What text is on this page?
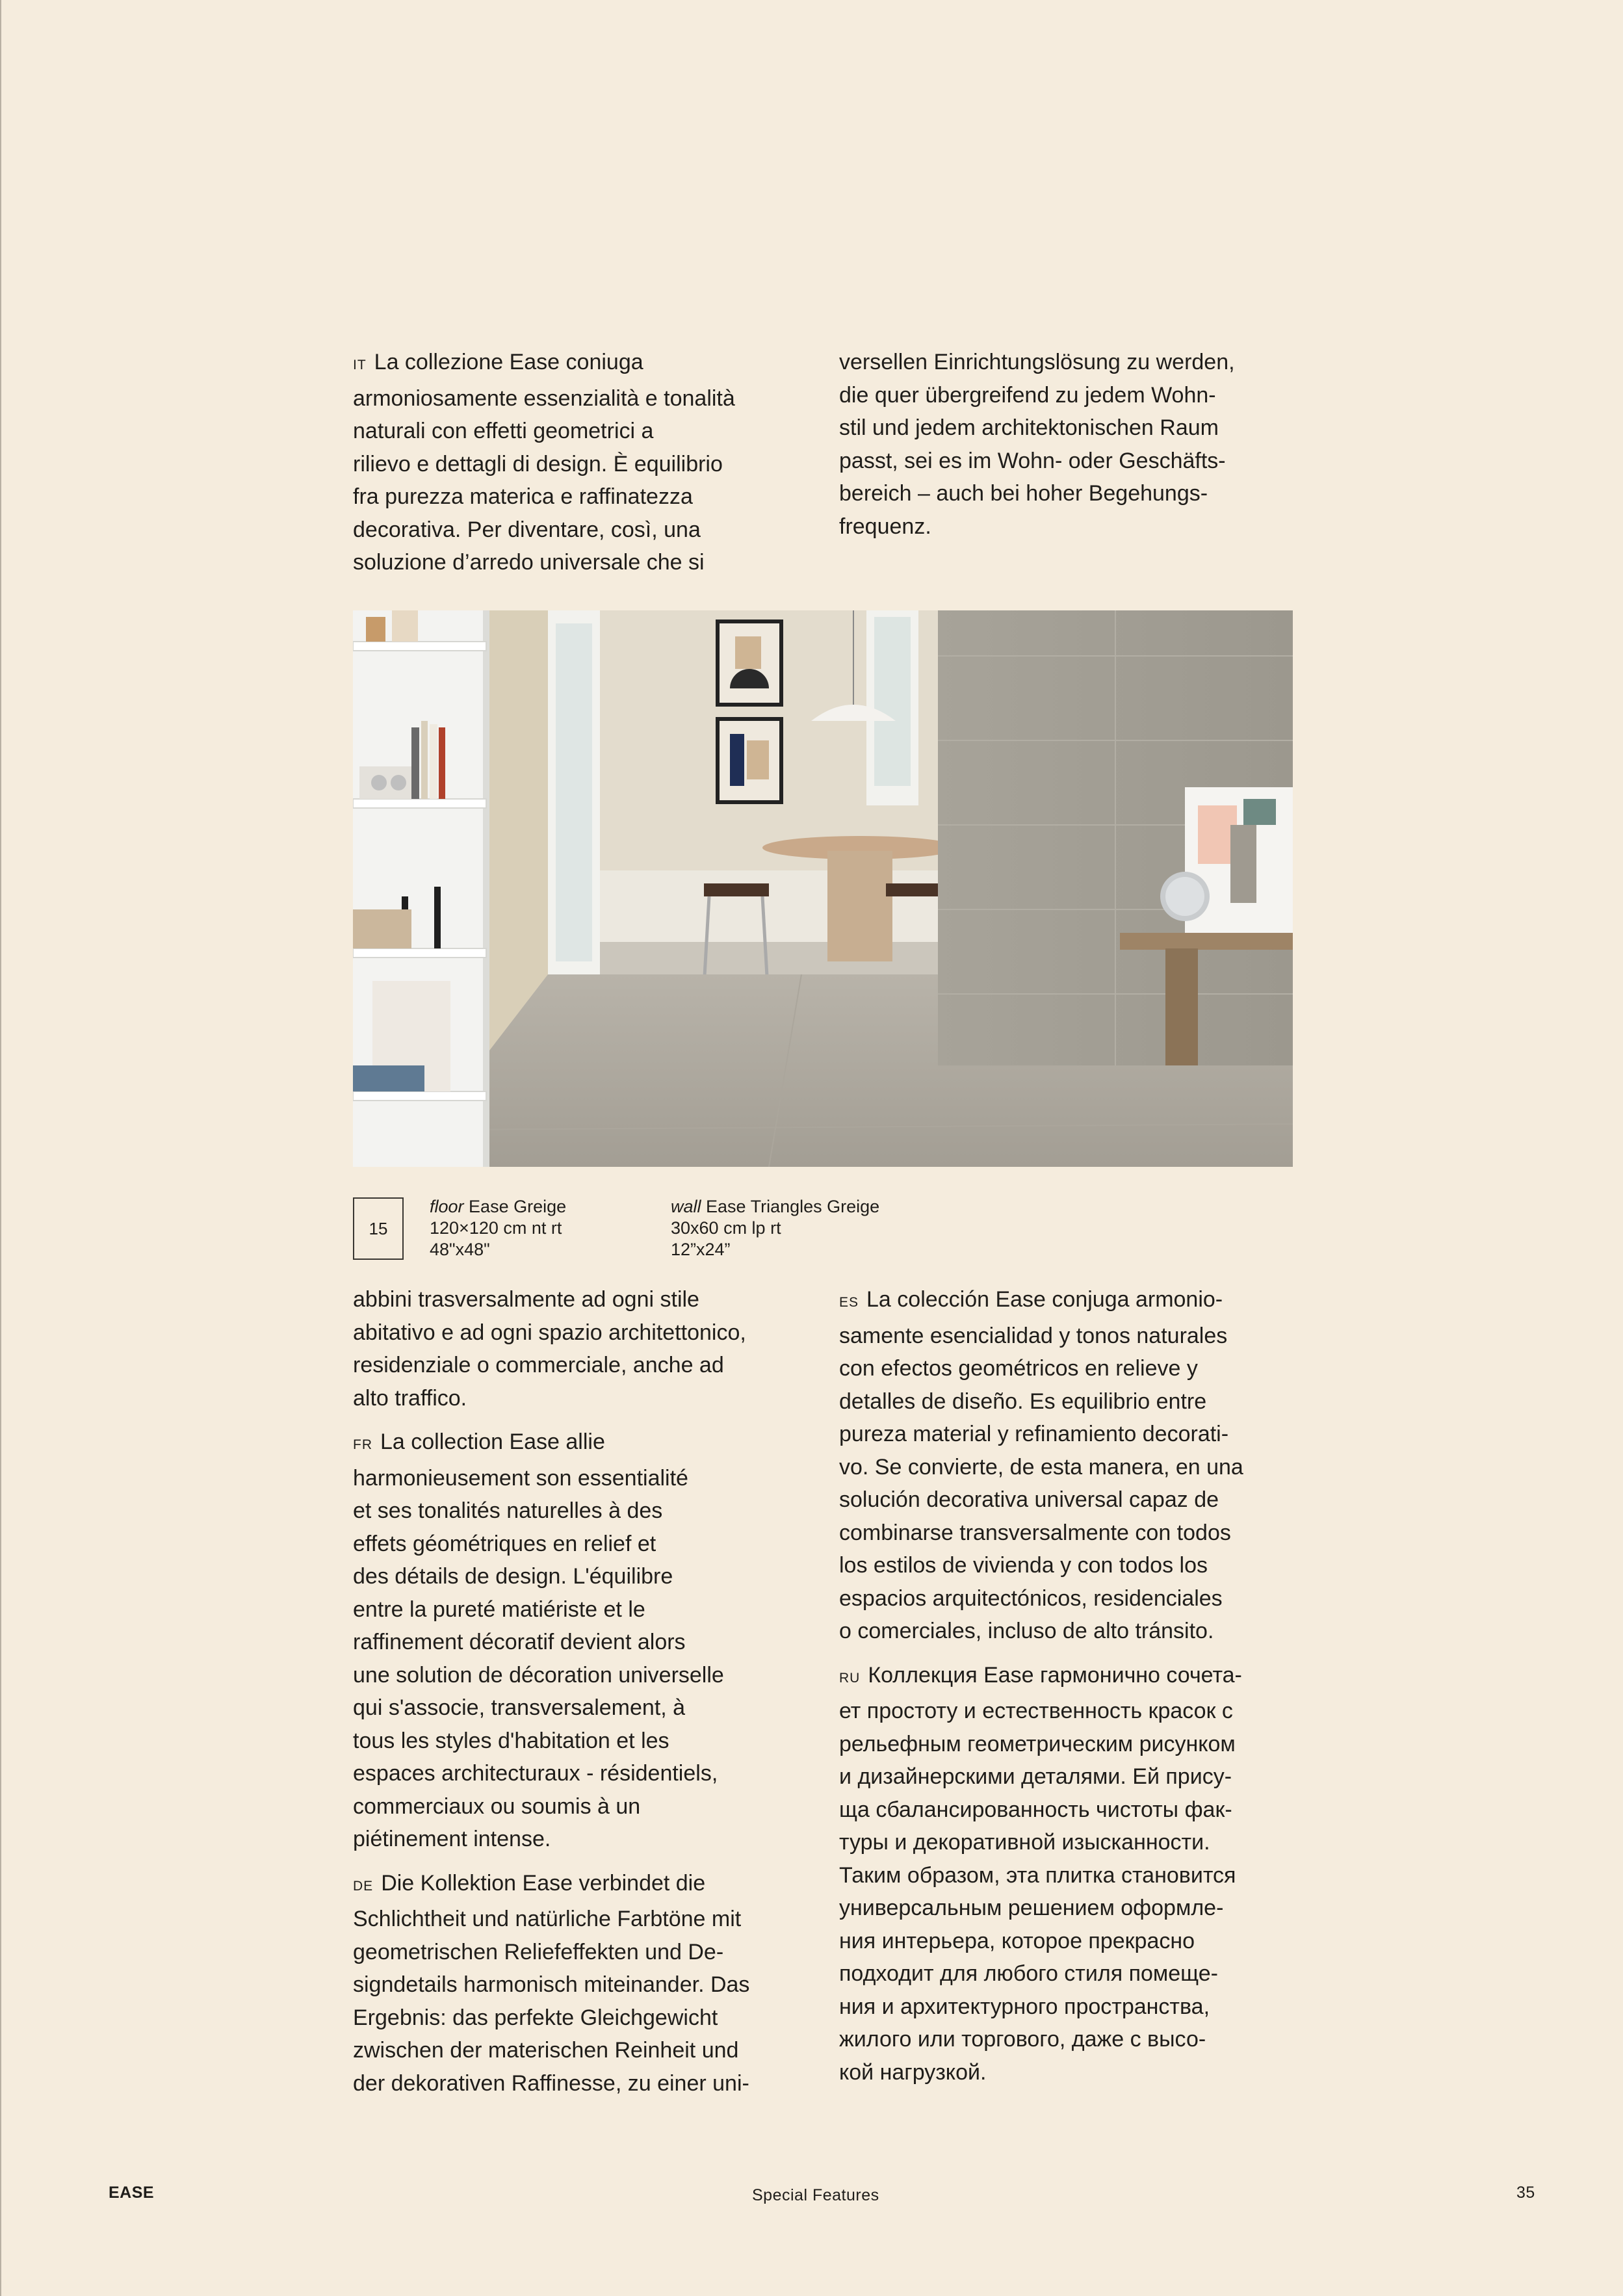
IT La collezione Ease coniuga
armoniosamente essenzialità e tonalità
naturali con effetti geometrici a
rilievo e dettagli di design. È equilibrio
fra purezza materica e raffinatezza
decorativa. Per diventare, così, una
soluzione d’arredo universale che si
versellen Einrichtungslösung zu werden,
die quer übergreifend zu jedem Wohn-
stil und jedem architektonischen Raum
passt, sei es im Wohn- oder Geschäfts-
bereich – auch bei hoher Begehungs-
frequenz.
15
floor Ease Greige
120×120 cm nt rt
48"x48"
wall Ease Triangles Greige
30x60 cm lp rt
12”x24”

abbini trasversalmente ad ogni stile
abitativo e ad ogni spazio architettonico,
residenziale o commerciale, anche ad
alto traffico.

FR La collection Ease allie
harmonieusement son essentialité
et ses tonalités naturelles à des
effets géométriques en relief et
des détails de design. L'équilibre
entre la pureté matiériste et le
raffinement décoratif devient alors
une solution de décoration universelle
qui s'associe, transversalement, à
tous les styles d'habitation et les
espaces architecturaux - résidentiels,
commerciaux ou soumis à un
piétinement intense.

DE Die Kollektion Ease verbindet die
Schlichtheit und natürliche Farbtöne mit
geometrischen Reliefeffekten und De-
signdetails harmonisch miteinander. Das
Ergebnis: das perfekte Gleichgewicht
zwischen der materischen Reinheit und
der dekorativen Raffinesse, zu einer uni-

ES La colección Ease conjuga armonio-
samente esencialidad y tonos naturales
con efectos geométricos en relieve y
detalles de diseño. Es equilibrio entre
pureza material y refinamiento decorati-
vo. Se convierte, de esta manera, en una
solución decorativa universal capaz de
combinarse transversalmente con todos
los estilos de vivienda y con todos los
espacios arquitectónicos, residenciales
o comerciales, incluso de alto tránsito.

RU Коллекция Ease гармонично сочета-
ет простоту и естественность красок с
рельефным геометрическим рисунком
и дизайнерскими деталями. Ей прису-
ща сбалансированность чистоты фак-
туры и декоративной изысканности.
Таким образом, эта плитка становится
универсальным решением оформле-
ния интерьера, которое прекрасно
подходит для любого стиля помеще-
ния и архитектурного пространства,
жилого или торгового, даже с высо-
кой нагрузкой.

EASE	Special Features	35
